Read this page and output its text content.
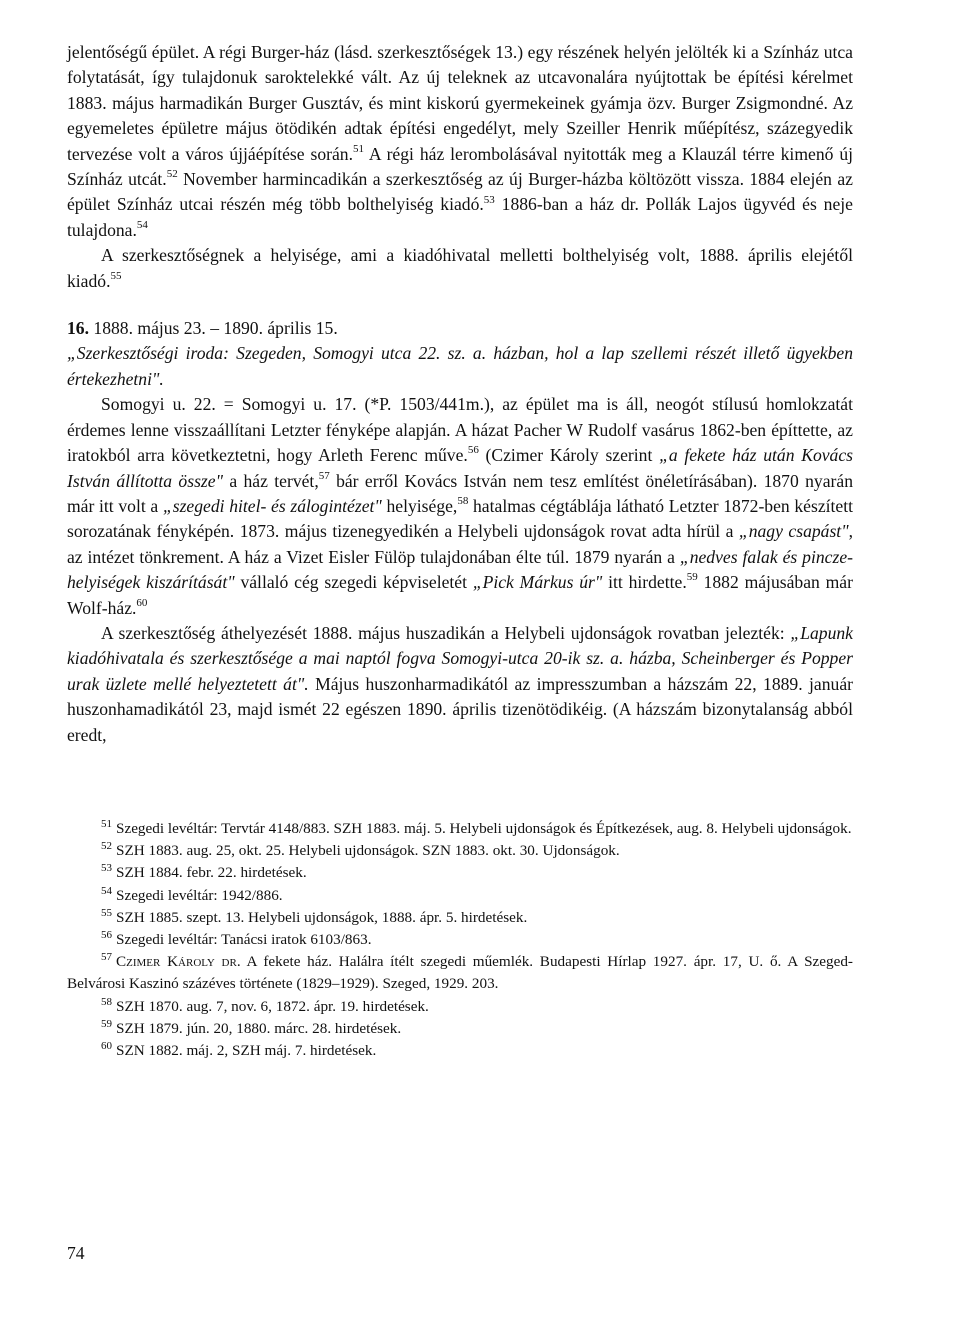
jelentőségű épület. A régi Burger-ház (lásd. szerkesztőségek 13.) egy részének helyén jelölték ki a Színház utca folytatását, így tulajdonuk saroktelekké vált. Az új teleknek az utcavonalára nyújtottak be építési kérelmet 1883. május harmadikán Burger Gusztáv, és mint kiskorú gyermekeinek gyámja özv. Burger Zsigmondné. Az egyemeletes épületre május ötödikén adtak építési engedélyt, mely Szeiller Henrik műépítész, százegyedik tervezése volt a város újjáépítése során.$^{51}$ A régi ház lerombolásával nyitották meg a Klauzál térre kimenő új Színház utcát.$^{52}$ November harmincadikán a szerkesztőség az új Burger-házba költözött vissza. 1884 elején az épület Színház utcai részén még több bolthelyiség kiadó.$^{53}$ 1886-ban a ház dr. Pollák Lajos ügyvéd és neje tulajdona.$^{54}$

A szerkesztőségnek a helyisége, ami a kiadóhivatal melletti bolthelyiség volt, 1888. április elejétől kiadó.$^{55}$

16. 1888. május 23. – 1890. április 15.

„Szerkesztőségi iroda: Szegeden, Somogyi utca 22. sz. a. házban, hol a lap szellemi részét illető ügyekben értekezhetni".

Somogyi u. 22. = Somogyi u. 17. (*P. 1503/441m.), az épület ma is áll, neogót stílusú homlokzatát érdemes lenne visszaállítani Letzter fényképe alapján. A házat Pacher W Rudolf vasárus 1862-ben építtette, az iratokból arra következtetni, hogy Arleth Ferenc műve.$^{56}$ (Czimer Károly szerint „a fekete ház után Kovács István állította össze" a ház tervét,$^{57}$ bár erről Kovács István nem tesz említést önéletírásában). 1870 nyarán már itt volt a „szegedi hitel- és zálogintézet" helyisége,$^{58}$ hatalmas cégtáblája látható Letzter 1872-ben készített sorozatának fényképén. 1873. május tizenegyedikén a Helybeli ujdonságok rovat adta hírül a „nagy csapást", az intézet tönkrement. A ház a Vizet Eisler Fülöp tulajdonában élte túl. 1879 nyarán a „nedves falak és pincze-helyiségek kiszárítását" vállaló cég szegedi képviseletét „Pick Márkus úr" itt hirdette.$^{59}$ 1882 májusában már Wolf-ház.$^{60}$

A szerkesztőség áthelyezését 1888. május huszadikán a Helybeli ujdonságok rovatban jelezték: „Lapunk kiadóhivatala és szerkesztősége a mai naptól fogva Somogyi-utca 20-ik sz. a. házba, Scheinberger és Popper urak üzlete mellé helyeztetett át". Május huszonharmadikától az impresszumban a házszám 22, 1889. január huszonhamadikától 23, majd ismét 22 egészen 1890. április tizenötödikéig. (A házszám bizonytalanság abból eredt,

$^{51}$ Szegedi levéltár: Tervtár 4148/883. SZH 1883. máj. 5. Helybeli ujdonságok és Építkezések, aug. 8. Helybeli ujdonságok.

$^{52}$ SZH 1883. aug. 25, okt. 25. Helybeli ujdonságok. SZN 1883. okt. 30. Ujdonságok.

$^{53}$ SZH 1884. febr. 22. hirdetések.

$^{54}$ Szegedi levéltár: 1942/886.

$^{55}$ SZH 1885. szept. 13. Helybeli ujdonságok, 1888. ápr. 5. hirdetések.

$^{56}$ Szegedi levéltár: Tanácsi iratok 6103/863.

$^{57}$ Czimer Károly dr. A fekete ház. Halálra ítélt szegedi műemlék. Budapesti Hírlap 1927. ápr. 17, U. ő. A Szeged-Belvárosi Kaszinó százéves története (1829–1929). Szeged, 1929. 203.

$^{58}$ SZH 1870. aug. 7, nov. 6, 1872. ápr. 19. hirdetések.

$^{59}$ SZH 1879. jún. 20, 1880. márc. 28. hirdetések.

$^{60}$ SZN 1882. máj. 2, SZH máj. 7. hirdetések.

74
